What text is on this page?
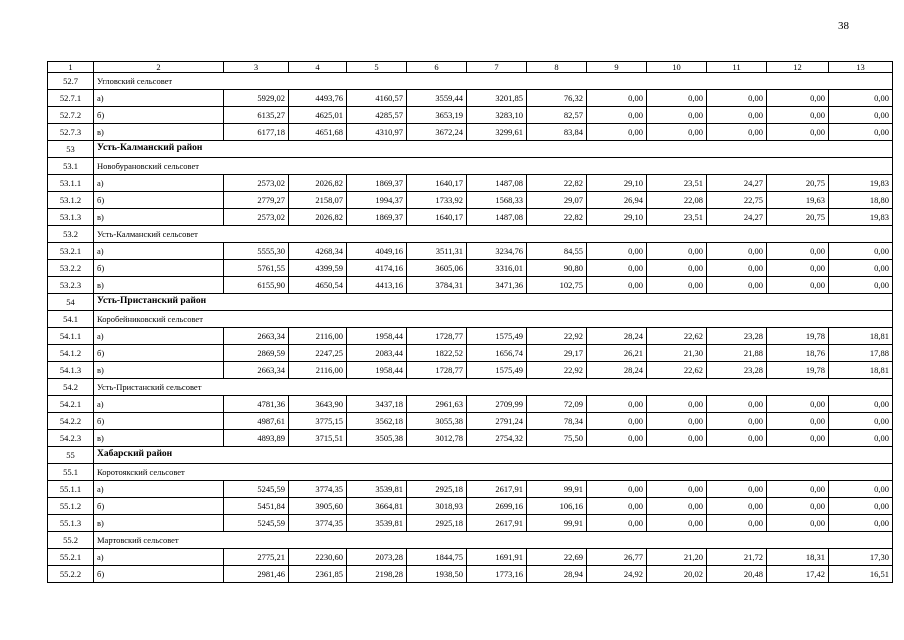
38
1	2	3	4	5	6	7	8	9	10	11	12	13
52.7	Угловский сельсовет											
52.7.1	а)	5929,02	4493,76	4160,57	3559,44	3201,85	76,32	0,00	0,00	0,00	0,00	0,00
52.7.2	б)	6135,27	4625,01	4285,57	3653,19	3283,10	82,57	0,00	0,00	0,00	0,00	0,00
52.7.3	в)	6177,18	4651,68	4310,97	3672,24	3299,61	83,84	0,00	0,00	0,00	0,00	0,00
53	Усть-Калманский район											
53.1	Новобурановский сельсовет											
53.1.1	а)	2573,02	2026,82	1869,37	1640,17	1487,08	22,82	29,10	23,51	24,27	20,75	19,83
53.1.2	б)	2779,27	2158,07	1994,37	1733,92	1568,33	29,07	26,94	22,08	22,75	19,63	18,80
53.1.3	в)	2573,02	2026,82	1869,37	1640,17	1487,08	22,82	29,10	23,51	24,27	20,75	19,83
53.2	Усть-Калманский сельсовет											
53.2.1	а)	5555,30	4268,34	4049,16	3511,31	3234,76	84,55	0,00	0,00	0,00	0,00	0,00
53.2.2	б)	5761,55	4399,59	4174,16	3605,06	3316,01	90,80	0,00	0,00	0,00	0,00	0,00
53.2.3	в)	6155,90	4650,54	4413,16	3784,31	3471,36	102,75	0,00	0,00	0,00	0,00	0,00
54	Усть-Пристанский район											
54.1	Коробейниковский сельсовет											
54.1.1	а)	2663,34	2116,00	1958,44	1728,77	1575,49	22,92	28,24	22,62	23,28	19,78	18,81
54.1.2	б)	2869,59	2247,25	2083,44	1822,52	1656,74	29,17	26,21	21,30	21,88	18,76	17,88
54.1.3	в)	2663,34	2116,00	1958,44	1728,77	1575,49	22,92	28,24	22,62	23,28	19,78	18,81
54.2	Усть-Пристанский сельсовет											
54.2.1	а)	4781,36	3643,90	3437,18	2961,63	2709,99	72,09	0,00	0,00	0,00	0,00	0,00
54.2.2	б)	4987,61	3775,15	3562,18	3055,38	2791,24	78,34	0,00	0,00	0,00	0,00	0,00
54.2.3	в)	4893,89	3715,51	3505,38	3012,78	2754,32	75,50	0,00	0,00	0,00	0,00	0,00
55	Хабарский район											
55.1	Коротоякский сельсовет											
55.1.1	а)	5245,59	3774,35	3539,81	2925,18	2617,91	99,91	0,00	0,00	0,00	0,00	0,00
55.1.2	б)	5451,84	3905,60	3664,81	3018,93	2699,16	106,16	0,00	0,00	0,00	0,00	0,00
55.1.3	в)	5245,59	3774,35	3539,81	2925,18	2617,91	99,91	0,00	0,00	0,00	0,00	0,00
55.2	Мартовский сельсовет											
55.2.1	а)	2775,21	2230,60	2073,28	1844,75	1691,91	22,69	26,77	21,20	21,72	18,31	17,30
55.2.2	б)	2981,46	2361,85	2198,28	1938,50	1773,16	28,94	24,92	20,02	20,48	17,42	16,51
